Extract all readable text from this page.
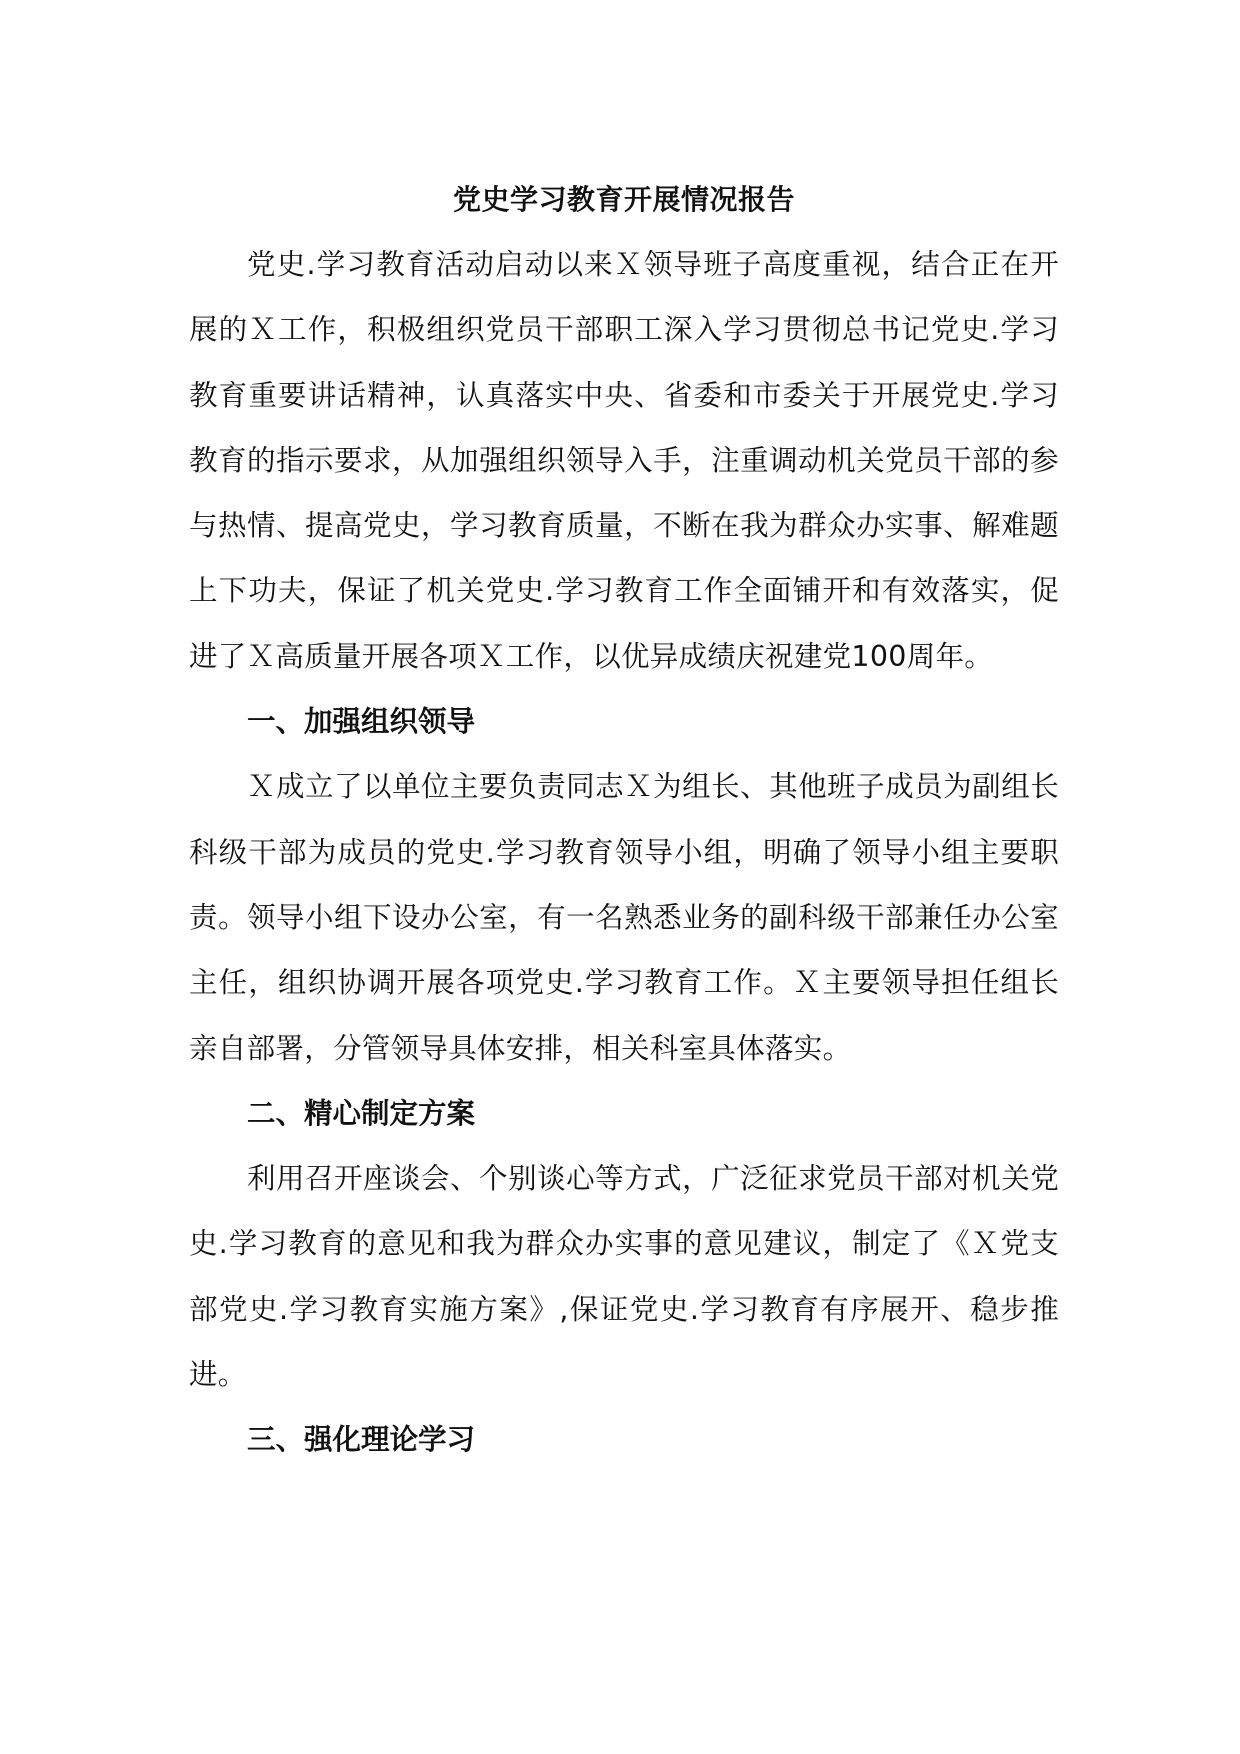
党史学习教育开展情况报告

党史.学习教育活动启动以来Ｘ领导班子高度重视，结合正在开展的Ｘ工作，积极组织党员干部职工深入学习贯彻总书记党史.学习教育重要讲话精神，认真落实中央、省委和市委关于开展党史.学习教育的指示要求，从加强组织领导入手，注重调动机关党员干部的参与热情、提高党史，学习教育质量，不断在我为群众办实事、解难题上下功夫，保证了机关党史.学习教育工作全面铺开和有效落实，促进了Ｘ高质量开展各项Ｘ工作，以优异成绩庆祝建党100周年。

一、加强组织领导

Ｘ成立了以单位主要负责同志Ｘ为组长、其他班子成员为副组长科级干部为成员的党史.学习教育领导小组，明确了领导小组主要职责。领导小组下设办公室，有一名熟悉业务的副科级干部兼任办公室主任，组织协调开展各项党史.学习教育工作。Ｘ主要领导担任组长亲自部署，分管领导具体安排，相关科室具体落实。

二、精心制定方案

利用召开座谈会、个别谈心等方式，广泛征求党员干部对机关党史.学习教育的意见和我为群众办实事的意见建议，制定了《Ｘ党支部党史.学习教育实施方案》,保证党史.学习教育有序展开、稳步推进。

三、强化理论学习
